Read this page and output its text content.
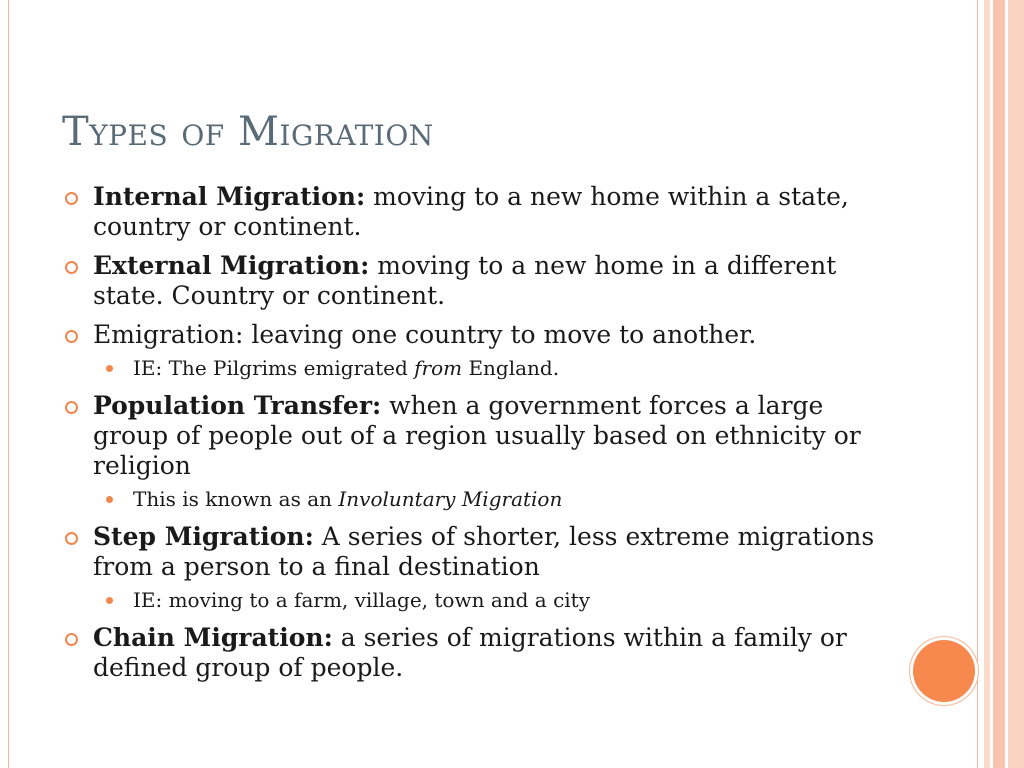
Types of Migration
Internal Migration: moving to a new home within a state, country or continent.
External Migration: moving to a new home in a different state. Country or continent.
Emigration: leaving one country to move to another.
IE: The Pilgrims emigrated from England.
Population Transfer: when a government forces a large group of people out of a region usually based on ethnicity or religion
This is known as an Involuntary Migration
Step Migration: A series of shorter, less extreme migrations from a person to a final destination
IE: moving to a farm, village, town and a city
Chain Migration: a series of migrations within a family or defined group of people.
